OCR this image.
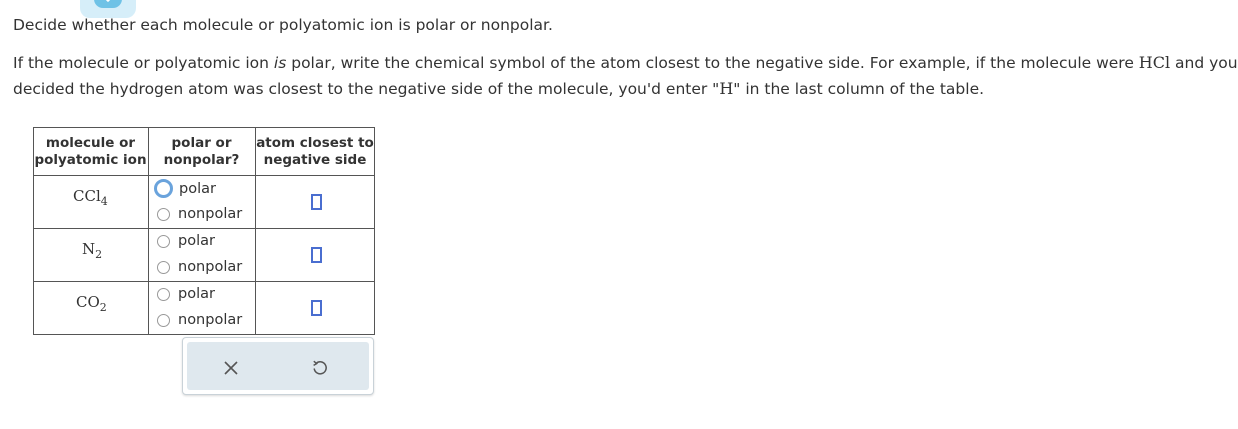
Decide whether each molecule or polyatomic ion is polar or nonpolar.
If the molecule or polyatomic ion is polar, write the chemical symbol of the atom closest to the negative side. For example, if the molecule were HCl and you
decided the hydrogen atom was closest to the negative side of the molecule, you'd enter "H" in the last column of the table.
molecule or
polyatomic ion
polar or
nonpolar?
atom closest to
negative side
CCl$_4$
polar
nonpolar
$N_2$
polar
nonpolar
$CO_2$
polar
nonpolar
